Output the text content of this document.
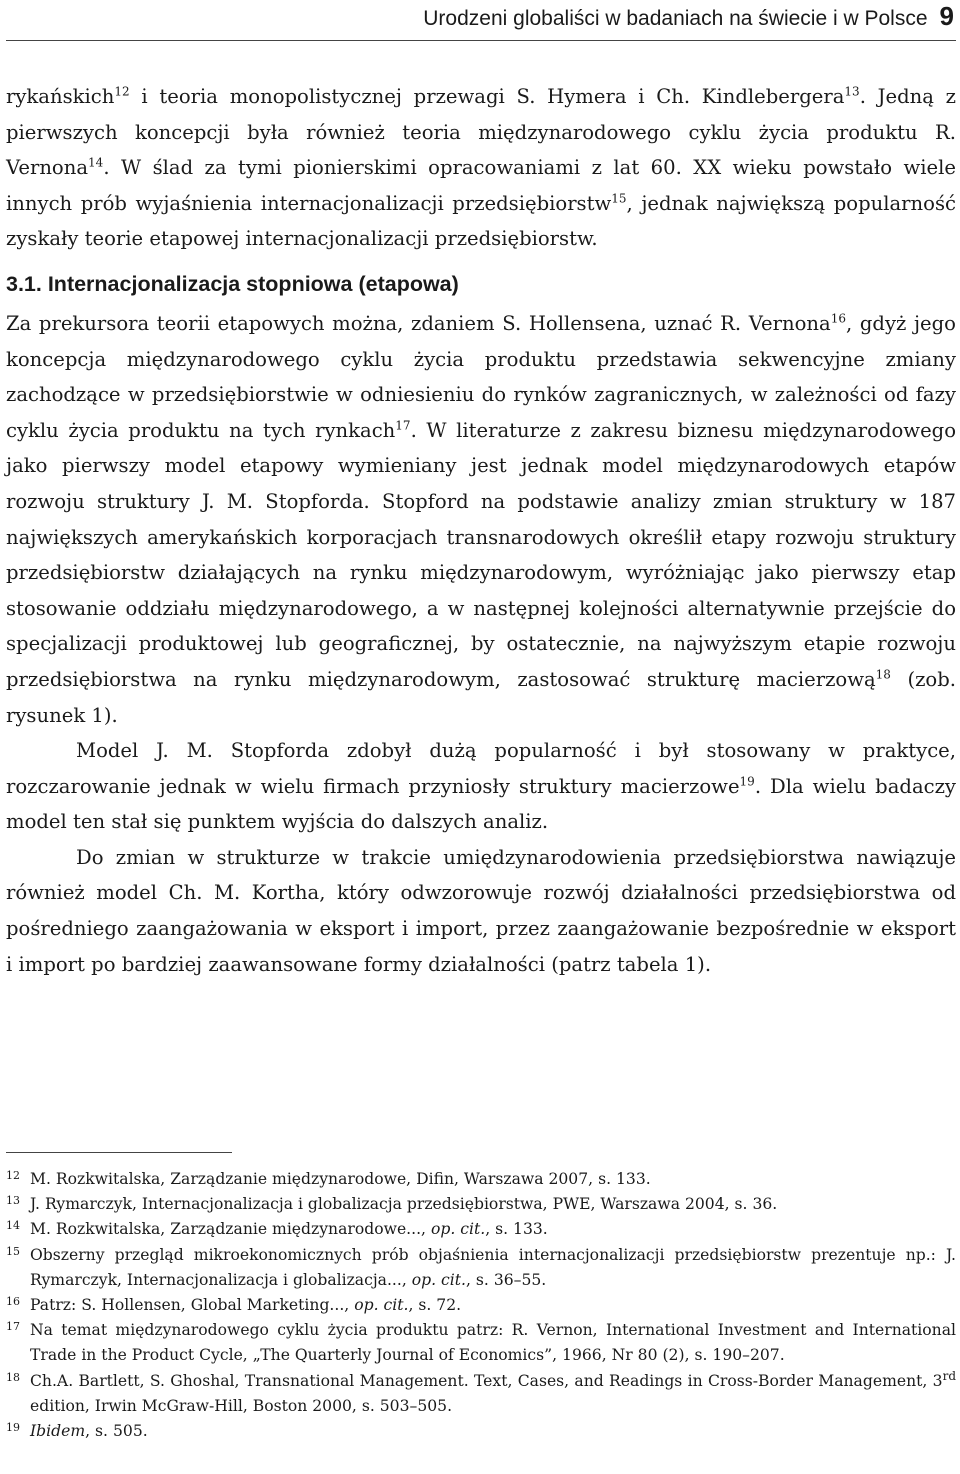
Urodzeni globaliści w badaniach na świecie i w Polsce 9

rykańskich$^{12}$ i teoria monopolistycznej przewagi S. Hymera i Ch. Kindlebergera$^{13}$. Jedną z pierwszych koncepcji była również teoria międzynarodowego cyklu życia produktu R. Vernona$^{14}$. W ślad za tymi pionierskimi opracowaniami z lat 60. XX wieku powstało wiele innych prób wyjaśnienia internacjonalizacji przedsiębiorstw$^{15}$, jednak największą popularność zyskały teorie etapowej internacjonalizacji przedsiębiorstw.

3.1. Internacjonalizacja stopniowa (etapowa)

Za prekursora teorii etapowych można, zdaniem S. Hollensena, uznać R. Vernona$^{16}$, gdyż jego koncepcja międzynarodowego cyklu życia produktu przedstawia sekwencyjne zmiany zachodzące w przedsiębiorstwie w odniesieniu do rynków zagranicznych, w zależności od fazy cyklu życia produktu na tych rynkach$^{17}$. W literaturze z zakresu biznesu międzynarodowego jako pierwszy model etapowy wymieniany jest jednak model międzynarodowych etapów rozwoju struktury J. M. Stopforda. Stopford na podstawie analizy zmian struktury w 187 największych amerykańskich korporacjach transnarodowych określił etapy rozwoju struktury przedsiębiorstw działających na rynku międzynarodowym, wyróżniając jako pierwszy etap stosowanie oddziału międzynarodowego, a w następnej kolejności alternatywnie przejście do specjalizacji produktowej lub geograficznej, by ostatecznie, na najwyższym etapie rozwoju przedsiębiorstwa na rynku międzynarodowym, zastosować strukturę macierzową$^{18}$ (zob. rysunek 1).

Model J. M. Stopforda zdobył dużą popularność i był stosowany w praktyce, rozczarowanie jednak w wielu firmach przyniosły struktury macierzowe$^{19}$. Dla wielu badaczy model ten stał się punktem wyjścia do dalszych analiz.

Do zmian w strukturze w trakcie umiędzynarodowienia przedsiębiorstwa nawiązuje również model Ch. M. Kortha, który odwzorowuje rozwój działalności przedsiębiorstwa od pośredniego zaangażowania w eksport i import, przez zaangażowanie bezpośrednie w eksport i import po bardziej zaawansowane formy działalności (patrz tabela 1).

12 M. Rozkwitalska, Zarządzanie międzynarodowe, Difin, Warszawa 2007, s. 133.
13 J. Rymarczyk, Internacjonalizacja i globalizacja przedsiębiorstwa, PWE, Warszawa 2004, s. 36.
14 M. Rozkwitalska, Zarządzanie międzynarodowe..., op. cit., s. 133.
15 Obszerny przegląd mikroekonomicznych prób objaśnienia internacjonalizacji przedsiębiorstw prezentuje np.: J. Rymarczyk, Internacjonalizacja i globalizacja..., op. cit., s. 36–55.
16 Patrz: S. Hollensen, Global Marketing..., op. cit., s. 72.
17 Na temat międzynarodowego cyklu życia produktu patrz: R. Vernon, International Investment and International Trade in the Product Cycle, „The Quarterly Journal of Economics”, 1966, Nr 80 (2), s. 190–207.
18 Ch.A. Bartlett, S. Ghoshal, Transnational Management. Text, Cases, and Readings in Cross-Border Management, 3rd edition, Irwin McGraw-Hill, Boston 2000, s. 503–505.
19 Ibidem, s. 505.
